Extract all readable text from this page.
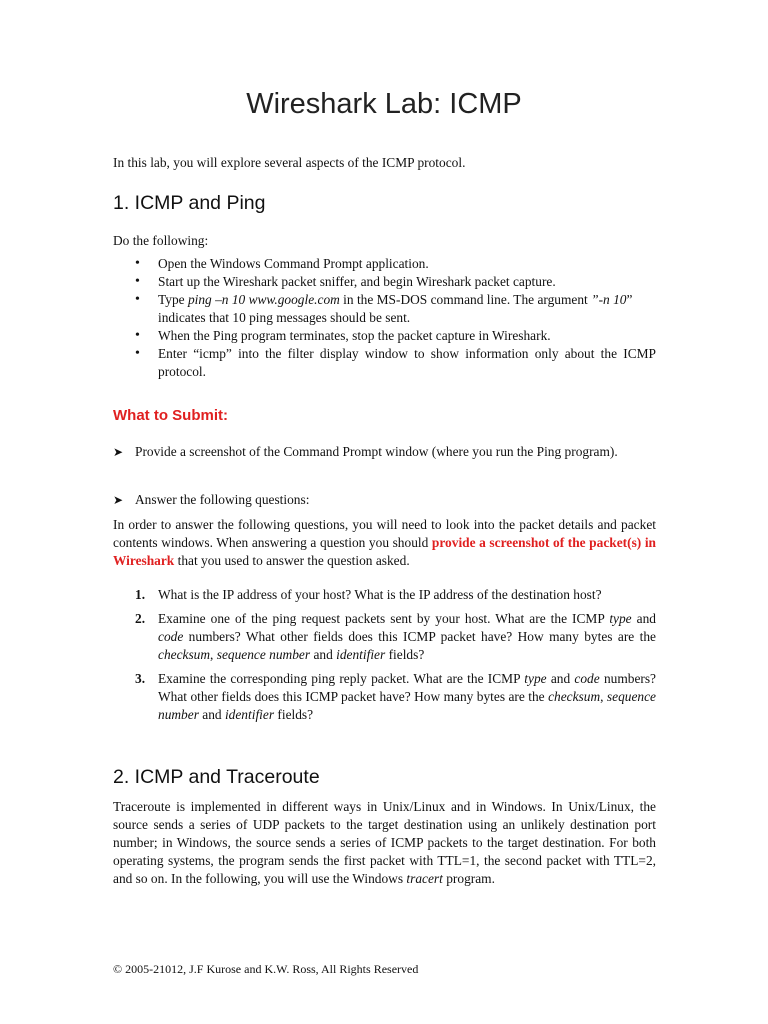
Wireshark Lab: ICMP
In this lab, you will explore several aspects of the ICMP protocol.
1. ICMP and Ping
Do the following:
• Open the Windows Command Prompt application.
• Start up the Wireshark packet sniffer, and begin Wireshark packet capture.
• Type ping –n 10 www.google.com in the MS-DOS command line. The argument ”-n 10” indicates that 10 ping messages should be sent.
• When the Ping program terminates, stop the packet capture in Wireshark.
• Enter “icmp” into the filter display window to show information only about the ICMP protocol.
What to Submit:
➤ Provide a screenshot of the Command Prompt window (where you run the Ping program).
➤ Answer the following questions:
In order to answer the following questions, you will need to look into the packet details and packet contents windows. When answering a question you should provide a screenshot of the packet(s) in Wireshark that you used to answer the question asked.
1. What is the IP address of your host? What is the IP address of the destination host?
2. Examine one of the ping request packets sent by your host. What are the ICMP type and code numbers? What other fields does this ICMP packet have? How many bytes are the checksum, sequence number and identifier fields?
3. Examine the corresponding ping reply packet. What are the ICMP type and code numbers? What other fields does this ICMP packet have? How many bytes are the checksum, sequence number and identifier fields?
2. ICMP and Traceroute
Traceroute is implemented in different ways in Unix/Linux and in Windows. In Unix/Linux, the source sends a series of UDP packets to the target destination using an unlikely destination port number; in Windows, the source sends a series of ICMP packets to the target destination. For both operating systems, the program sends the first packet with TTL=1, the second packet with TTL=2, and so on. In the following, you will use the Windows tracert program.
© 2005-21012, J.F Kurose and K.W. Ross, All Rights Reserved
